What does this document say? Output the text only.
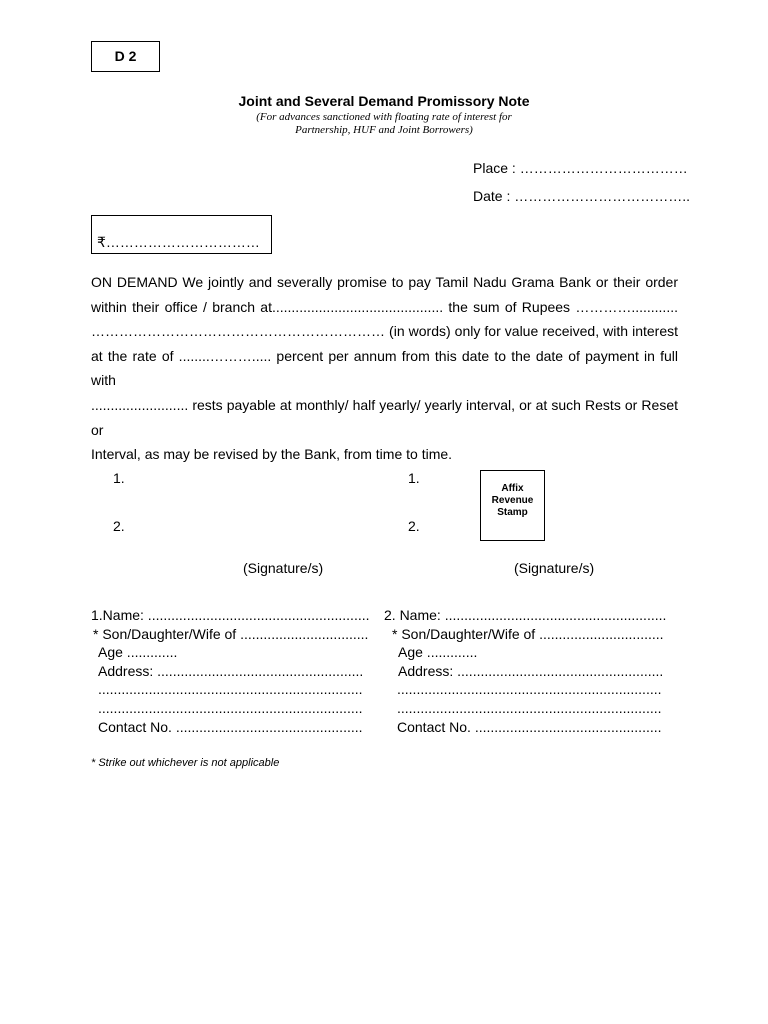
D 2
Joint and Several Demand Promissory Note
(For advances sanctioned with floating rate of interest for
Partnership, HUF and Joint Borrowers)
Place : ………………………………
Date : ………………………………..
₹……………………………
ON DEMAND We jointly and severally promise to pay Tamil Nadu Grama Bank or their order
within their office / branch at............................................ the sum of Rupees …………............
……………………………………………………… (in words) only for value received, with interest
at the rate of ........………..... percent per annum from this date to the date of payment in full with
......................... rests payable at monthly/ half yearly/ yearly interval, or at such Rests or Reset or
Interval, as may be revised by the Bank, from time to time.
1.
2.
(Signature/s)
1.
2.
(Signature/s)
Affix
Revenue
Stamp
1.Name: .........................................................
* Son/Daughter/Wife of .................................
Age .............
Address: .....................................................
....................................................................
....................................................................
Contact No. ................................................
2. Name: .........................................................
* Son/Daughter/Wife of ................................
Age .............
Address: .....................................................
....................................................................
....................................................................
Contact No. ................................................
* Strike out whichever is not applicable
